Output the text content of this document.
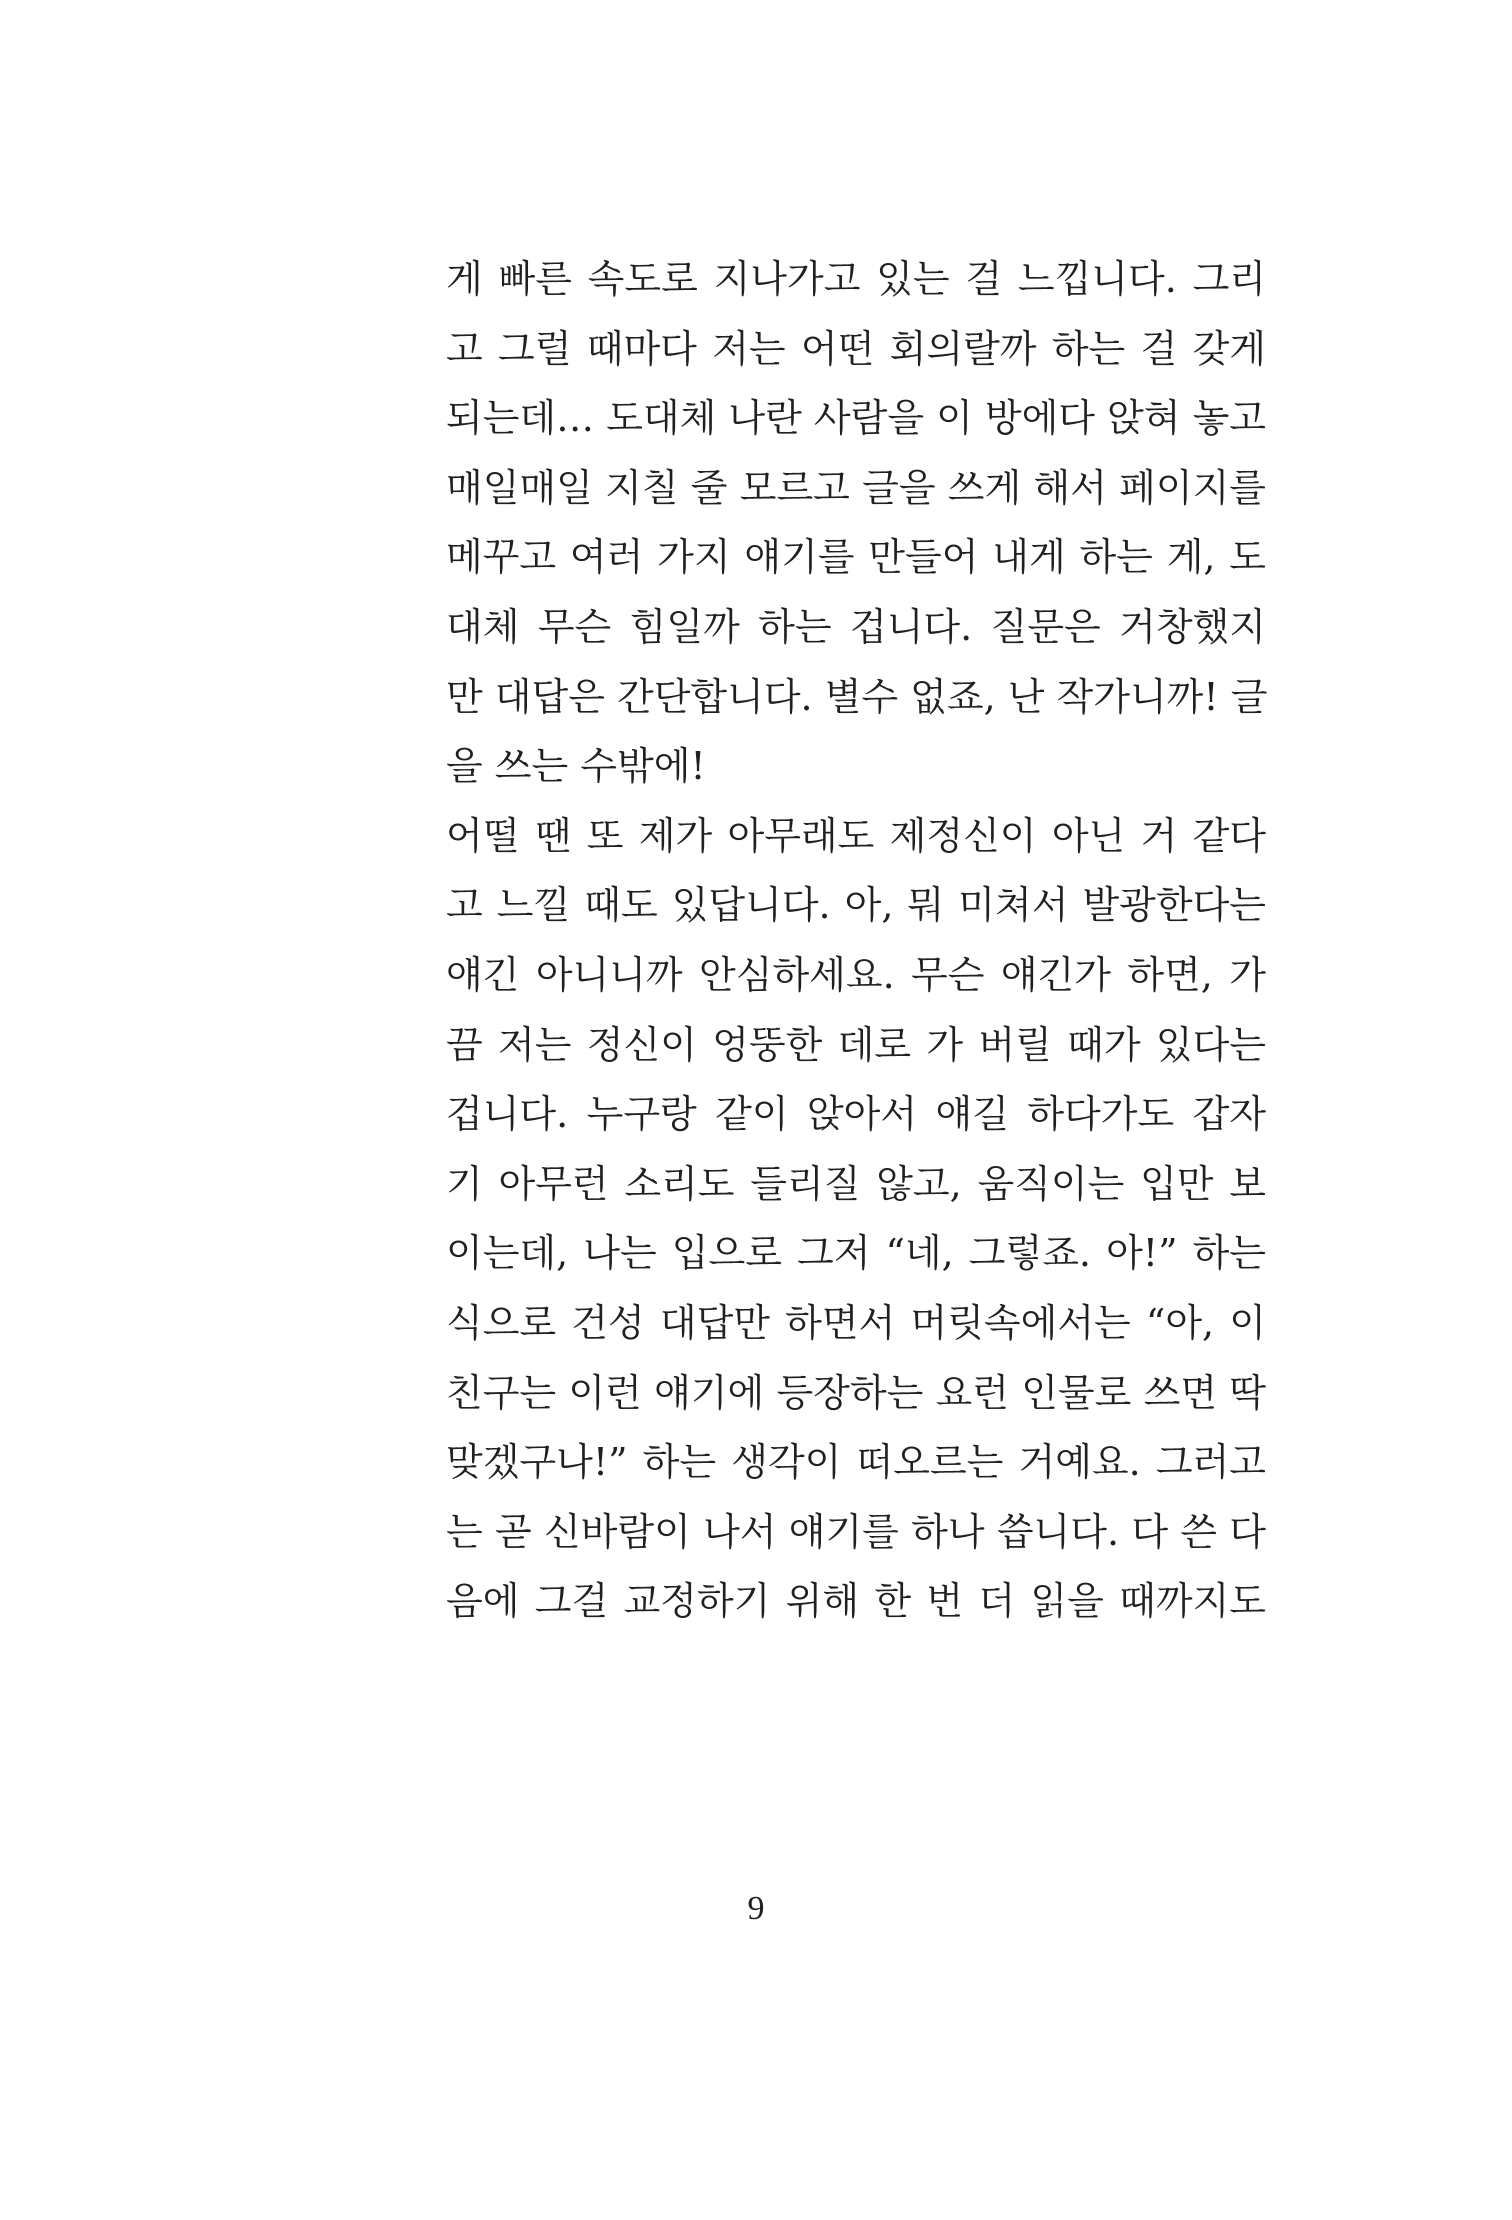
게 빠른 속도로 지나가고 있는 걸 느낍니다. 그리
고 그럴 때마다 저는 어떤 회의랄까 하는 걸 갖게
되는데… 도대체 나란 사람을 이 방에다 앉혀 놓고
매일매일 지칠 줄 모르고 글을 쓰게 해서 페이지를
메꾸고 여러 가지 얘기를 만들어 내게 하는 게, 도
대체 무슨 힘일까 하는 겁니다. 질문은 거창했지
만 대답은 간단합니다. 별수 없죠, 난 작가니까! 글
을 쓰는 수밖에!
어떨 땐 또 제가 아무래도 제정신이 아닌 거 같다
고 느낄 때도 있답니다. 아, 뭐 미쳐서 발광한다는
얘긴 아니니까 안심하세요. 무슨 얘긴가 하면, 가
끔 저는 정신이 엉뚱한 데로 가 버릴 때가 있다는
겁니다. 누구랑 같이 앉아서 얘길 하다가도 갑자
기 아무런 소리도 들리질 않고, 움직이는 입만 보
이는데, 나는 입으로 그저 “네, 그렇죠. 아!” 하는
식으로 건성 대답만 하면서 머릿속에서는 “아, 이
친구는 이런 얘기에 등장하는 요런 인물로 쓰면 딱
맞겠구나!” 하는 생각이 떠오르는 거예요. 그러고
는 곧 신바람이 나서 얘기를 하나 씁니다. 다 쓴 다
음에 그걸 교정하기 위해 한 번 더 읽을 때까지도
9
